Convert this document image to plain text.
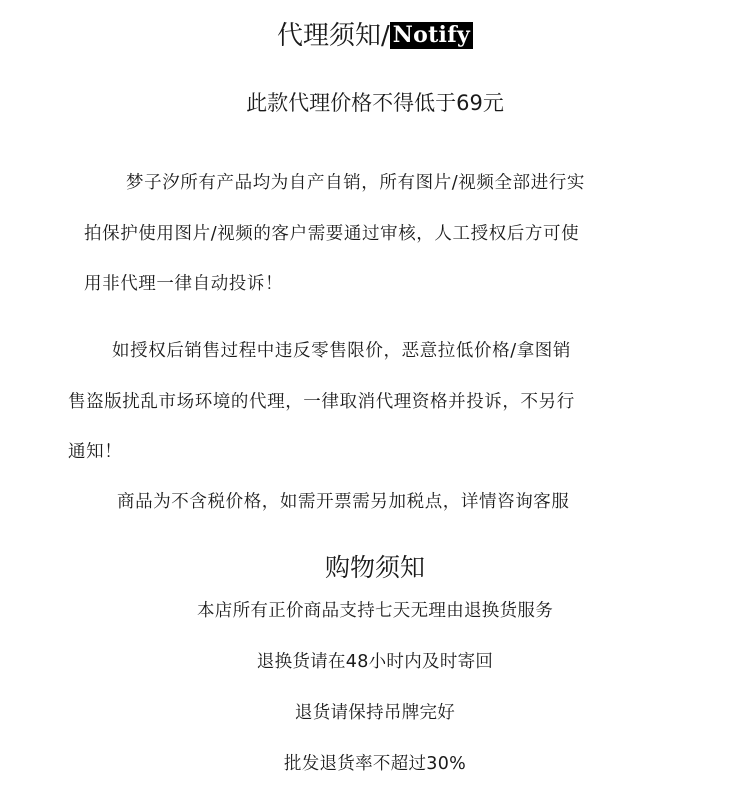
代理须知/ Notify
此款代理价格不得低于69元
梦子汐所有产品均为自产自销，所有图片/视频全部进行实
拍保护使用图片/视频的客户需要通过审核，人工授权后方可使
用非代理一律自动投诉！
如授权后销售过程中违反零售限价，恶意拉低价格/拿图销
售盗版扰乱市场环境的代理，一律取消代理资格并投诉，不另行
通知！
商品为不含税价格，如需开票需另加税点，详情咨询客服
购物须知
本店所有正价商品支持七天无理由退换货服务
退换货请在48小时内及时寄回
退货请保持吊牌完好
批发退货率不超过30%
